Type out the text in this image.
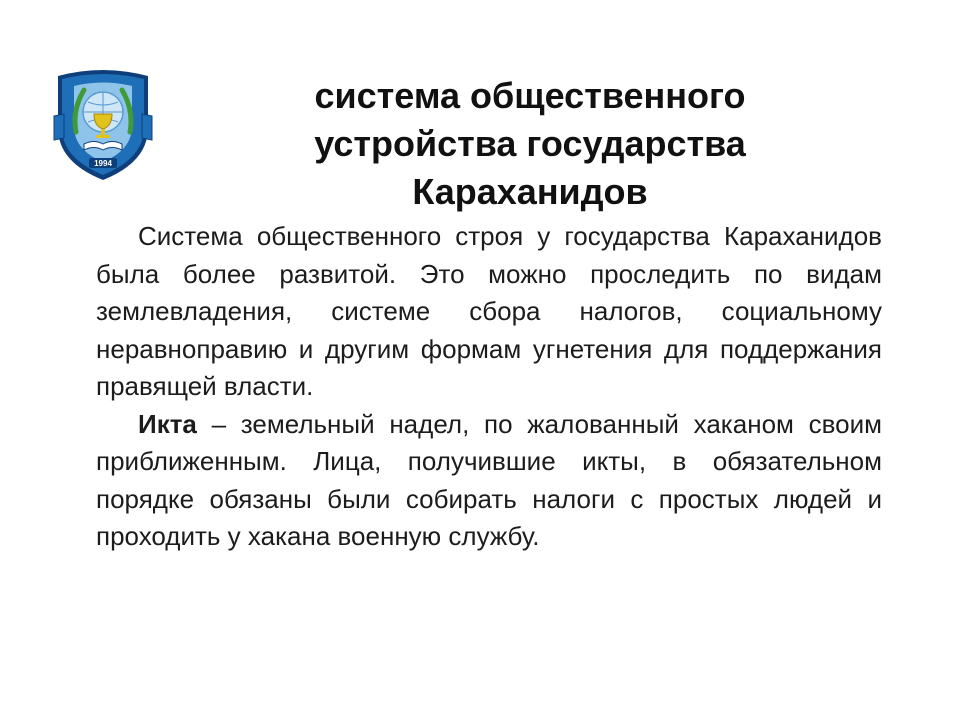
1994
система общественного
устройства государства
Караханидов

Система общественного строя у государства Караханидов была более развитой. Это можно проследить по видам землевладения, системе сбора налогов, социальному неравноправию и другим формам угнетения для поддержания правящей власти.

Икта – земельный надел, по жалованный хаканом своим приближенным. Лица, получившие икты, в обязательном порядке обязаны были собирать налоги с простых людей и проходить у хакана военную службу.
